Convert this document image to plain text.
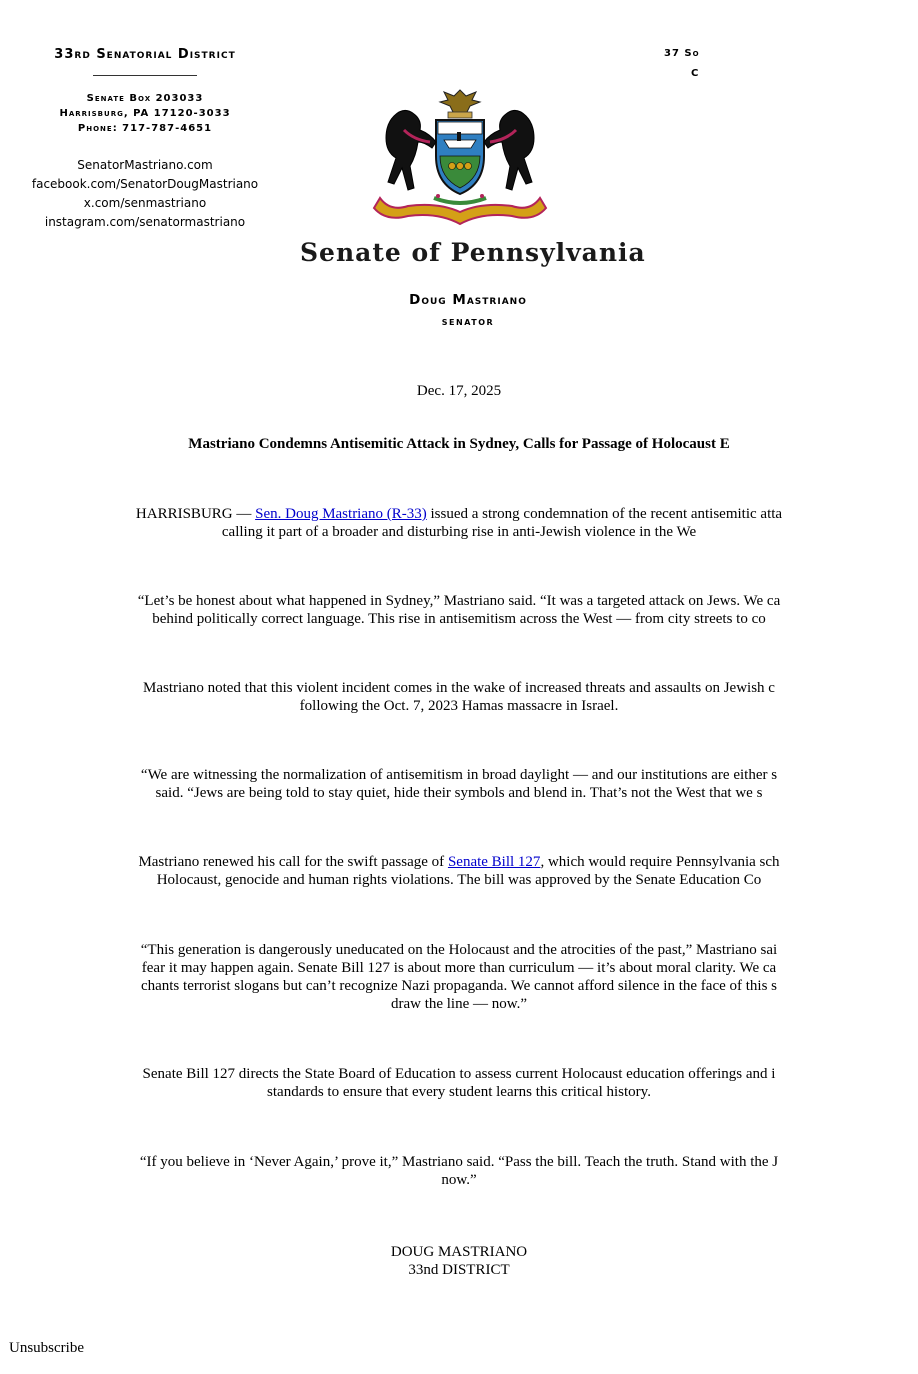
33rd Senatorial District
Senate Box 203033
Harrisburg, PA 17120-3033
Phone: 717-787-4651
SenatorMastriano.com
facebook.com/SenatorDougMastriano
x.com/senmastriano
instagram.com/senatormastriano
37 So
C
Senate of Pennsylvania
Doug Mastriano
senator
Dec. 17, 2025
Mastriano Condemns Antisemitic Attack in Sydney, Calls for Passage of Holocaust E
HARRISBURG — Sen. Doug Mastriano (R-33) issued a strong condemnation of the recent antisemitic atta
calling it part of a broader and disturbing rise in anti-Jewish violence in the We
“Let’s be honest about what happened in Sydney,” Mastriano said. “It was a targeted attack on Jews. We ca
behind politically correct language. This rise in antisemitism across the West — from city streets to co
Mastriano noted that this violent incident comes in the wake of increased threats and assaults on Jewish c
following the Oct. 7, 2023 Hamas massacre in Israel.
“We are witnessing the normalization of antisemitism in broad daylight — and our institutions are either s
said. “Jews are being told to stay quiet, hide their symbols and blend in. That’s not the West that we s
Mastriano renewed his call for the swift passage of Senate Bill 127, which would require Pennsylvania sch
Holocaust, genocide and human rights violations. The bill was approved by the Senate Education Co
“This generation is dangerously uneducated on the Holocaust and the atrocities of the past,” Mastriano sai
fear it may happen again. Senate Bill 127 is about more than curriculum — it’s about moral clarity. We ca
chants terrorist slogans but can’t recognize Nazi propaganda. We cannot afford silence in the face of this s
draw the line — now.”
Senate Bill 127 directs the State Board of Education to assess current Holocaust education offerings and i
standards to ensure that every student learns this critical history.
“If you believe in ‘Never Again,’ prove it,” Mastriano said. “Pass the bill. Teach the truth. Stand with the J
now.”
DOUG MASTRIANO
33nd DISTRICT
Unsubscribe
